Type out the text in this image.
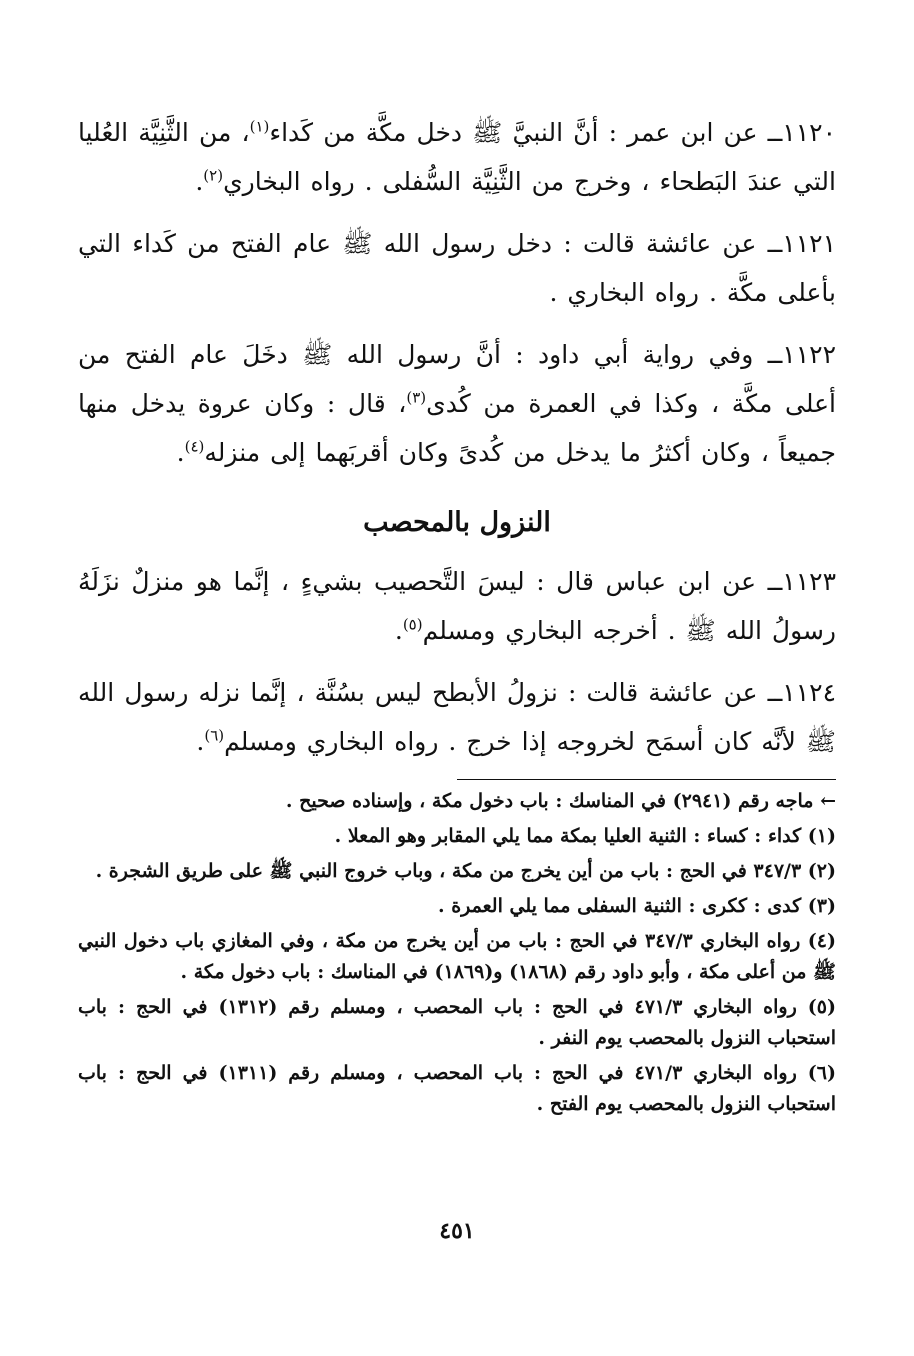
١١٢٠ــ عن ابن عمر : أنَّ النبيَّ ﷺ دخل مكَّة من كَداء$^{(١)}$، من الثَّنِيَّة العُليا التي عندَ البَطحاء ، وخرج من الثَّنِيَّة السُّفلى . رواه البخاري$^{(٢)}$.

١١٢١ــ عن عائشة قالت : دخل رسول الله ﷺ عام الفتح من كَداء التي بأعلى مكَّة . رواه البخاري .

١١٢٢ــ وفي رواية أبي داود : أنَّ رسول الله ﷺ دخَلَ عام الفتح من أعلى مكَّة ، وكذا في العمرة من كُدى$^{(٣)}$، قال : وكان عروة يدخل منها جميعاً ، وكان أكثرُ ما يدخل من كُدىً وكان أقربَهما إلى منزله$^{(٤)}$.

النزول بالمحصب

١١٢٣ــ عن ابن عباس قال : ليسَ التَّحصيب بشيءٍ ، إنَّما هو منزلٌ نزَلَهُ رسولُ الله ﷺ . أخرجه البخاري ومسلم$^{(٥)}$.

١١٢٤ــ عن عائشة قالت : نزولُ الأبطح ليس بسُنَّة ، إنَّما نزله رسول الله ﷺ لأنَّه كان أسمَح لخروجه إذا خرج . رواه البخاري ومسلم$^{(٦)}$.

← ماجه رقم (٢٩٤١) في المناسك : باب دخول مكة ، وإسناده صحيح .

(١) كداء : كساء : الثنية العليا بمكة مما يلي المقابر وهو المعلا .

(٢) ٣٤٧/٣ في الحج : باب من أين يخرج من مكة ، وباب خروج النبي ﷺ على طريق الشجرة .

(٣) كدى : ككرى : الثنية السفلى مما يلي العمرة .

(٤) رواه البخاري ٣٤٧/٣ في الحج : باب من أين يخرج من مكة ، وفي المغازي باب دخول النبي ﷺ من أعلى مكة ، وأبو داود رقم (١٨٦٨) و(١٨٦٩) في المناسك : باب دخول مكة .

(٥) رواه البخاري ٤٧١/٣ في الحج : باب المحصب ، ومسلم رقم (١٣١٢) في الحج : باب استحباب النزول بالمحصب يوم النفر .

(٦) رواه البخاري ٤٧١/٣ في الحج : باب المحصب ، ومسلم رقم (١٣١١) في الحج : باب استحباب النزول بالمحصب يوم الفتح .

٤٥١
